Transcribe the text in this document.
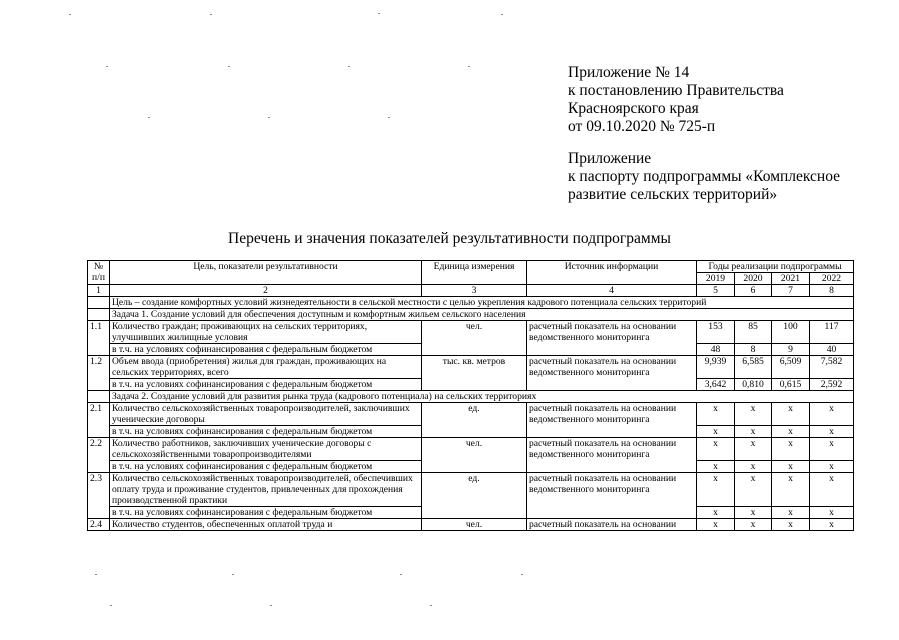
Приложение № 14
к постановлению Правительства
Красноярского края
от 09.10.2020 № 725-п
Приложение
к паспорту подпрограммы «Комплексное
развитие сельских территорий»
Перечень и значения показателей результативности подпрограммы
№ п/п	Цель, показатели результативности	Единица измерения	Источник информации	Годы реализации подпрограммы			
				2019	2020	2021	2022
1	2	3	4	5	6	7	8
	Цель – создание комфортных условий жизнедеятельности в сельской местности с целью укрепления кадрового потенциала сельских территорий						
	Задача 1. Создание условий для обеспечения доступным и комфортным жильем сельского населения						
1.1	Количество граждан; проживающих на сельских территориях, улучшивших жилищные условия	чел.	расчетный показатель на основании ведомственного мониторинга	153	85	100	117
	в т.ч. на условиях софинансирования с федеральным бюджетом			48	8	9	40
1.2	Объем ввода (приобретения) жилья для граждан, проживающих на сельских территориях, всего	тыс. кв. метров	расчетный показатель на основании ведомственного мониторинга	9,939	6,585	6,509	7,582
	в т.ч. на условиях софинансирования с федеральным бюджетом			3,642	0,810	0,615	2,592
	Задача 2. Создание условий для развития рынка труда (кадрового потенциала) на сельских территориях						
2.1	Количество сельскохозяйственных товаропроизводителей, заключивших ученические договоры	ед.	расчетный показатель на основании ведомственного мониторинга	x	x	x	x
	в т.ч. на условиях софинансирования с федеральным бюджетом			x	x	x	x
2.2	Количество работников, заключивших ученические договоры с сельскохозяйственными товаропроизводителями	чел.	расчетный показатель на основании ведомственного мониторинга	x	x	x	x
	в т.ч. на условиях софинансирования с федеральным бюджетом			x	x	x	x
2.3	Количество сельскохозяйственных товаропроизводителей, обеспечивших оплату труда и проживание студентов, привлеченных для прохождения производственной практики	ед.	расчетный показатель на основании ведомственного мониторинга	x	x	x	x
	в т.ч. на условиях софинансирования с федеральным бюджетом			x	x	x	x
2.4	Количество студентов, обеспеченных оплатой труда и	чел.	расчетный показатель на основании	x	x	x	x
